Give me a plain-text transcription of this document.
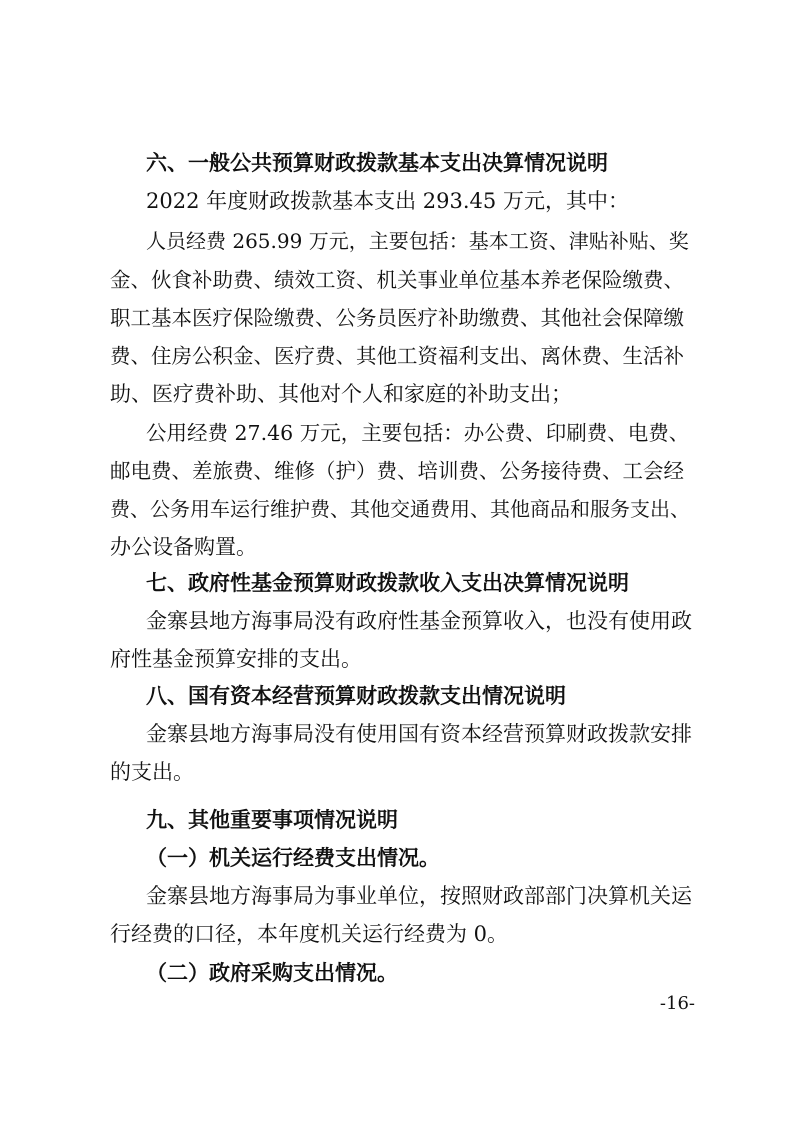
六、一般公共预算财政拨款基本支出决算情况说明

2022 年度财政拨款基本支出 293.45 万元，其中：

人员经费 265.99 万元，主要包括：基本工资、津贴补贴、奖

金、伙食补助费、绩效工资、机关事业单位基本养老保险缴费、

职工基本医疗保险缴费、公务员医疗补助缴费、其他社会保障缴

费、住房公积金、医疗费、其他工资福利支出、离休费、生活补

助、医疗费补助、其他对个人和家庭的补助支出；

公用经费 27.46 万元，主要包括：办公费、印刷费、电费、

邮电费、差旅费、维修（护）费、培训费、公务接待费、工会经

费、公务用车运行维护费、其他交通费用、其他商品和服务支出、

办公设备购置。

七、政府性基金预算财政拨款收入支出决算情况说明

金寨县地方海事局没有政府性基金预算收入，也没有使用政

府性基金预算安排的支出。

八、国有资本经营预算财政拨款支出情况说明

金寨县地方海事局没有使用国有资本经营预算财政拨款安排

的支出。

九、其他重要事项情况说明
（一）机关运行经费支出情况。

金寨县地方海事局为事业单位，按照财政部部门决算机关运

行经费的口径，本年度机关运行经费为 0。

（二）政府采购支出情况。
-16-
